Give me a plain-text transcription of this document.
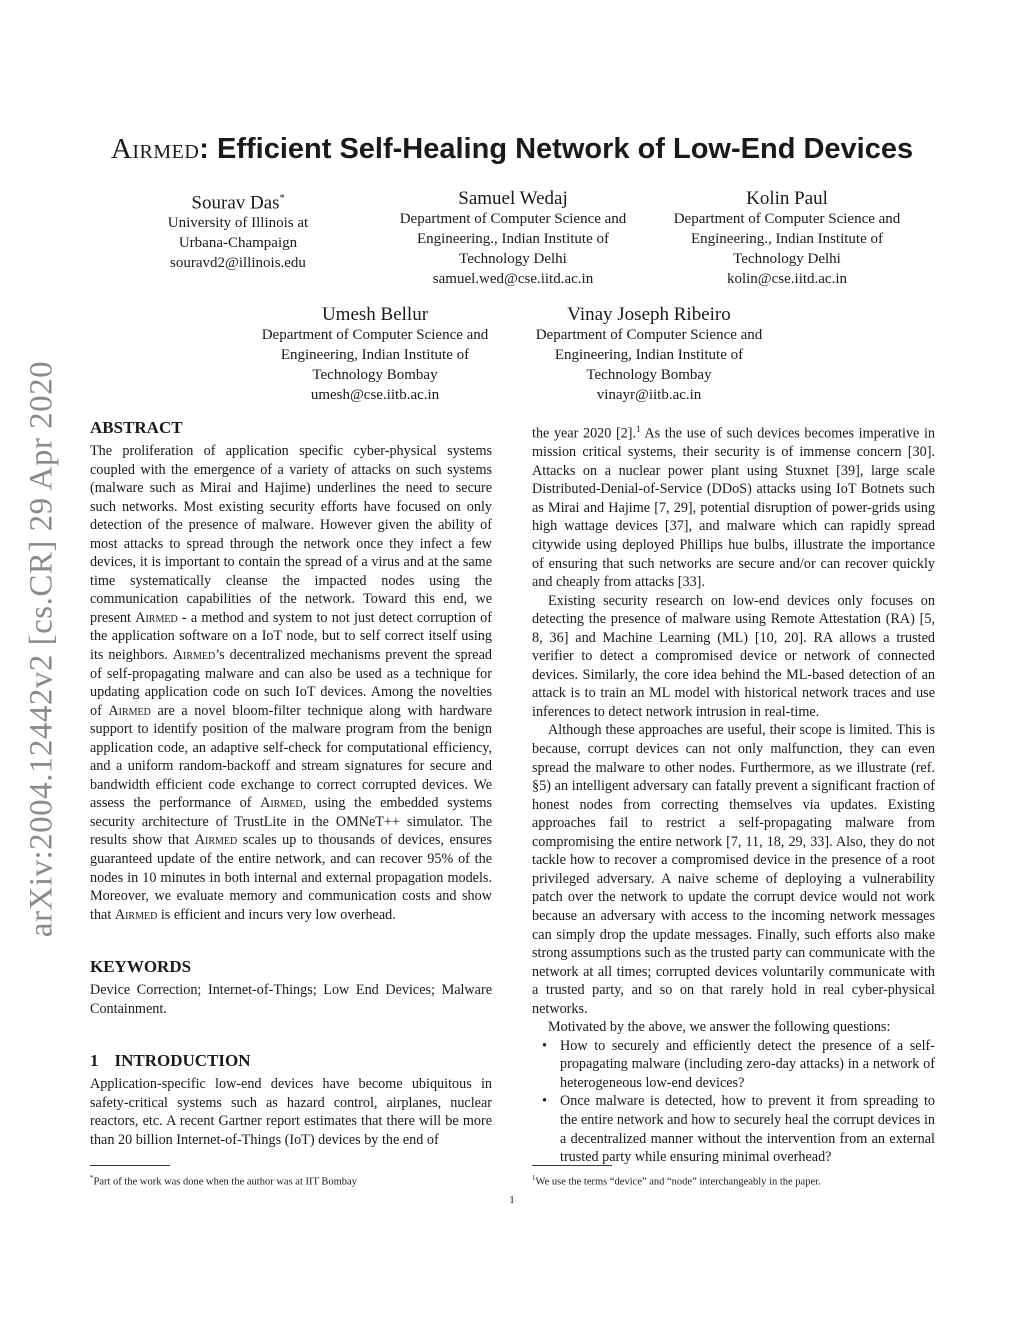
arXiv:2004.12442v2 [cs.CR] 29 Apr 2020
Airmed: Efficient Self-Healing Network of Low-End Devices
Sourav Das*
University of Illinois at
Urbana-Champaign
souravd2@illinois.edu
Samuel Wedaj
Department of Computer Science and
Engineering., Indian Institute of
Technology Delhi
samuel.wed@cse.iitd.ac.in
Kolin Paul
Department of Computer Science and
Engineering., Indian Institute of
Technology Delhi
kolin@cse.iitd.ac.in
Umesh Bellur
Department of Computer Science and
Engineering, Indian Institute of
Technology Bombay
umesh@cse.iitb.ac.in
Vinay Joseph Ribeiro
Department of Computer Science and
Engineering, Indian Institute of
Technology Bombay
vinayr@iitb.ac.in
ABSTRACT

The proliferation of application specific cyber-physical systems coupled with the emergence of a variety of attacks on such systems (malware such as Mirai and Hajime) underlines the need to secure such networks. Most existing security efforts have focused on only detection of the presence of malware. However given the ability of most attacks to spread through the network once they infect a few devices, it is important to contain the spread of a virus and at the same time systematically cleanse the impacted nodes using the communication capabilities of the network. Toward this end, we present Airmed - a method and system to not just detect corruption of the application software on a IoT node, but to self correct itself using its neighbors. Airmed’s decentralized mechanisms prevent the spread of self-propagating malware and can also be used as a technique for updating application code on such IoT devices. Among the novelties of Airmed are a novel bloom-filter technique along with hardware support to identify position of the malware program from the benign application code, an adaptive self-check for computational efficiency, and a uniform random-backoff and stream signatures for secure and bandwidth efficient code exchange to correct corrupted devices. We assess the performance of Airmed, using the embedded systems security architecture of TrustLite in the OMNeT++ simulator. The results show that Airmed scales up to thousands of devices, ensures guaranteed update of the entire network, and can recover 95% of the nodes in 10 minutes in both internal and external propagation models. Moreover, we evaluate memory and communication costs and show that Airmed is efficient and incurs very low overhead.

KEYWORDS
Device Correction; Internet-of-Things; Low End Devices; Malware Containment.
1 INTRODUCTION
Application-specific low-end devices have become ubiquitous in safety-critical systems such as hazard control, airplanes, nuclear reactors, etc. A recent Gartner report estimates that there will be more than 20 billion Internet-of-Things (IoT) devices by the end of
*Part of the work was done when the author was at IIT Bombay

the year 2020 [2].$^1$ As the use of such devices becomes imperative in mission critical systems, their security is of immense concern [30]. Attacks on a nuclear power plant using Stuxnet [39], large scale Distributed-Denial-of-Service (DDoS) attacks using IoT Botnets such as Mirai and Hajime [7, 29], potential disruption of power-grids using high wattage devices [37], and malware which can rapidly spread citywide using deployed Phillips hue bulbs, illustrate the importance of ensuring that such networks are secure and/or can recover quickly and cheaply from attacks [33].

Existing security research on low-end devices only focuses on detecting the presence of malware using Remote Attestation (RA) [5, 8, 36] and Machine Learning (ML) [10, 20]. RA allows a trusted verifier to detect a compromised device or network of connected devices. Similarly, the core idea behind the ML-based detection of an attack is to train an ML model with historical network traces and use inferences to detect network intrusion in real-time.

Although these approaches are useful, their scope is limited. This is because, corrupt devices can not only malfunction, they can even spread the malware to other nodes. Furthermore, as we illustrate (ref. §5) an intelligent adversary can fatally prevent a significant fraction of honest nodes from correcting themselves via updates. Existing approaches fail to restrict a self-propagating malware from compromising the entire network [7, 11, 18, 29, 33]. Also, they do not tackle how to recover a compromised device in the presence of a root privileged adversary. A naive scheme of deploying a vulnerability patch over the network to update the corrupt device would not work because an adversary with access to the incoming network messages can simply drop the update messages. Finally, such efforts also make strong assumptions such as the trusted party can communicate with the network at all times; corrupted devices voluntarily communicate with a trusted party, and so on that rarely hold in real cyber-physical networks.

Motivated by the above, we answer the following questions:

• How to securely and efficiently detect the presence of a self-propagating malware (including zero-day attacks) in a network of heterogeneous low-end devices?
• Once malware is detected, how to prevent it from spreading to the entire network and how to securely heal the corrupt devices in a decentralized manner without the intervention from an external trusted party while ensuring minimal overhead?
$^1$We use the terms “device” and “node” interchangeably in the paper.
1
